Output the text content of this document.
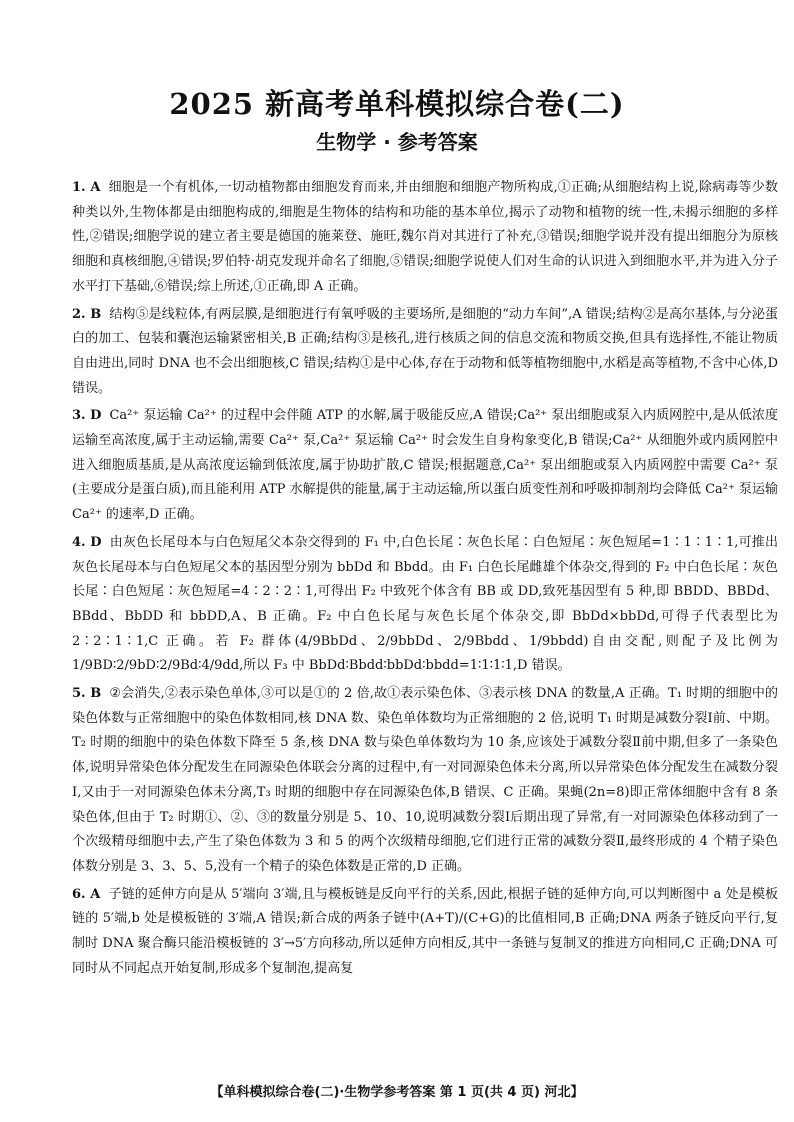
2025 新高考单科模拟综合卷(二)
生物学 · 参考答案

1. A 细胞是一个有机体,一切动植物都由细胞发育而来,并由细胞和细胞产物所构成,①正确;从细胞结构上说,除病毒等少数种类以外,生物体都是由细胞构成的,细胞是生物体的结构和功能的基本单位,揭示了动物和植物的统一性,未揭示细胞的多样性,②错误;细胞学说的建立者主要是德国的施莱登、施旺,魏尔肖对其进行了补充,③错误;细胞学说并没有提出细胞分为原核细胞和真核细胞,④错误;罗伯特·胡克发现并命名了细胞,⑤错误;细胞学说使人们对生命的认识进入到细胞水平,并为进入分子水平打下基础,⑥错误;综上所述,①正确,即 A 正确。

2. B 结构⑤是线粒体,有两层膜,是细胞进行有氧呼吸的主要场所,是细胞的“动力车间”,A 错误;结构②是高尔基体,与分泌蛋白的加工、包装和囊泡运输紧密相关,B 正确;结构③是核孔,进行核质之间的信息交流和物质交换,但具有选择性,不能让物质自由进出,同时 DNA 也不会出细胞核,C 错误;结构①是中心体,存在于动物和低等植物细胞中,水稻是高等植物,不含中心体,D 错误。

3. D Ca²⁺ 泵运输 Ca²⁺ 的过程中会伴随 ATP 的水解,属于吸能反应,A 错误;Ca²⁺ 泵出细胞或泵入内质网腔中,是从低浓度运输至高浓度,属于主动运输,需要 Ca²⁺ 泵,Ca²⁺ 泵运输 Ca²⁺ 时会发生自身构象变化,B 错误;Ca²⁺ 从细胞外或内质网腔中进入细胞质基质,是从高浓度运输到低浓度,属于协助扩散,C 错误;根据题意,Ca²⁺ 泵出细胞或泵入内质网腔中需要 Ca²⁺ 泵(主要成分是蛋白质),而且能利用 ATP 水解提供的能量,属于主动运输,所以蛋白质变性剂和呼吸抑制剂均会降低 Ca²⁺ 泵运输 Ca²⁺ 的速率,D 正确。

4. D 由灰色长尾母本与白色短尾父本杂交得到的 F₁ 中,白色长尾∶灰色长尾∶白色短尾∶灰色短尾=1∶1∶1∶1,可推出灰色长尾母本与白色短尾父本的基因型分别为 bbDd 和 Bbdd。由 F₁ 白色长尾雌雄个体杂交,得到的 F₂ 中白色长尾∶灰色长尾∶白色短尾∶灰色短尾=4∶2∶2∶1,可得出 F₂ 中致死个体含有 BB 或 DD,致死基因型有 5 种,即 BBDD、BBDd、BBdd、BbDD 和 bbDD,A、B 正确。F₂ 中白色长尾与灰色长尾个体杂交,即 BbDd×bbDd,可得子代表型比为 2∶2∶1∶1,C 正确。若 F₂ 群体(4/9BbDd、2/9bbDd、2/9Bbdd、1/9bbdd)自由交配,则配子及比例为 1/9BD∶2/9bD∶2/9Bd∶4/9dd,所以 F₃ 中 BbDd∶Bbdd∶bbDd∶bbdd=1∶1∶1∶1,D 错误。

5. B ②会消失,②表示染色单体,③可以是①的 2 倍,故①表示染色体、③表示核 DNA 的数量,A 正确。T₁ 时期的细胞中的染色体数与正常细胞中的染色体数相同,核 DNA 数、染色单体数均为正常细胞的 2 倍,说明 T₁ 时期是减数分裂Ⅰ前、中期。T₂ 时期的细胞中的染色体数下降至 5 条,核 DNA 数与染色单体数均为 10 条,应该处于减数分裂Ⅱ前中期,但多了一条染色体,说明异常染色体分配发生在同源染色体联会分离的过程中,有一对同源染色体未分离,所以异常染色体分配发生在减数分裂Ⅰ,又由于一对同源染色体未分离,T₃ 时期的细胞中存在同源染色体,B 错误、C 正确。果蝇(2n=8)即正常体细胞中含有 8 条染色体,但由于 T₂ 时期①、②、③的数量分别是 5、10、10,说明减数分裂Ⅰ后期出现了异常,有一对同源染色体移动到了一个次级精母细胞中去,产生了染色体数为 3 和 5 的两个次级精母细胞,它们进行正常的减数分裂Ⅱ,最终形成的 4 个精子染色体数分别是 3、3、5、5,没有一个精子的染色体数是正常的,D 正确。

6. A 子链的延伸方向是从 5′端向 3′端,且与模板链是反向平行的关系,因此,根据子链的延伸方向,可以判断图中 a 处是模板链的 5′端,b 处是模板链的 3′端,A 错误;新合成的两条子链中(A+T)/(C+G)的比值相同,B 正确;DNA 两条子链反向平行,复制时 DNA 聚合酶只能沿模板链的 3′→5′方向移动,所以延伸方向相反,其中一条链与复制叉的推进方向相同,C 正确;DNA 可同时从不同起点开始复制,形成多个复制泡,提高复

【单科模拟综合卷(二)·生物学参考答案 第 1 页(共 4 页) 河北】
